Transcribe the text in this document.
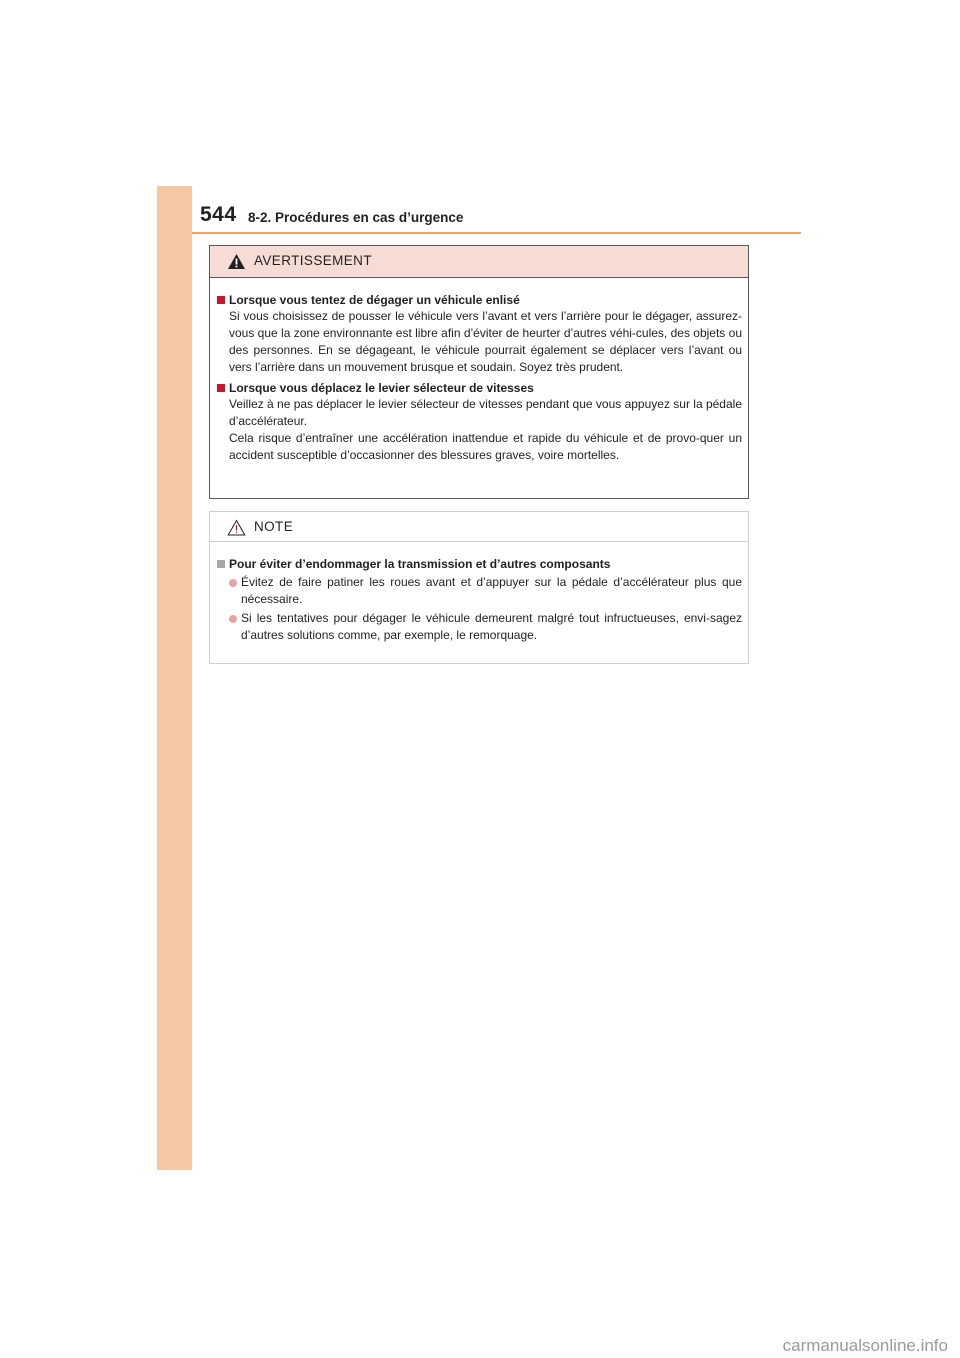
544 8-2. Procédures en cas d’urgence
AVERTISSEMENT
Lorsque vous tentez de dégager un véhicule enlisé
Si vous choisissez de pousser le véhicule vers l’avant et vers l’arrière pour le dégager, assurez-vous que la zone environnante est libre afin d’éviter de heurter d’autres véhi-cules, des objets ou des personnes. En se dégageant, le véhicule pourrait également se déplacer vers l’avant ou vers l’arrière dans un mouvement brusque et soudain. Soyez très prudent.
Lorsque vous déplacez le levier sélecteur de vitesses
Veillez à ne pas déplacer le levier sélecteur de vitesses pendant que vous appuyez sur la pédale d’accélérateur.
Cela risque d’entraîner une accélération inattendue et rapide du véhicule et de provo-quer un accident susceptible d’occasionner des blessures graves, voire mortelles.
NOTE
Pour éviter d’endommager la transmission et d’autres composants
Évitez de faire patiner les roues avant et d’appuyer sur la pédale d’accélérateur plus que nécessaire.
Si les tentatives pour dégager le véhicule demeurent malgré tout infructueuses, envi-sagez d’autres solutions comme, par exemple, le remorquage.
carmanualsonline.info
